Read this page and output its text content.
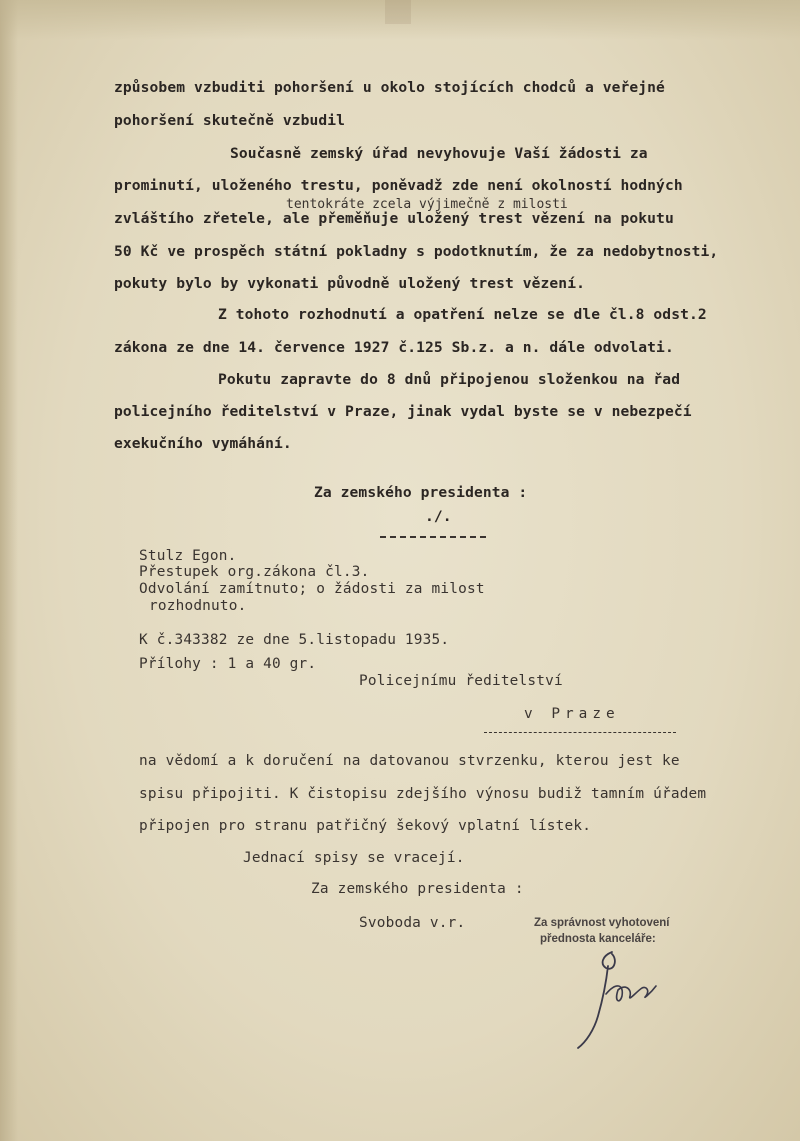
způsobem vzbuditi pohoršení u okolo stojících chodců a veřejné
pohoršení skutečně vzbudil
Současně zemský úřad nevyhovuje Vaší žádosti za
prominutí, uloženého trestu, poněvadž zde není okolností hodných
tentokráte zcela výjimečně z milosti
zvláštího zřetele, ale přeměňuje uložený trest vězení na pokutu
50 Kč ve prospěch státní pokladny s podotknutím, že za nedobytnosti,
pokuty bylo by vykonati původně uložený trest vězení.
Z tohoto rozhodnutí a opatření nelze se dle čl.8 odst.2
zákona ze dne 14. července 1927 č.125 Sb.z. a n. dále odvolati.
Pokutu zapravte do 8 dnů připojenou složenkou na řad
policejního ředitelství v Praze, jinak vydal byste se v nebezpečí
exekučního vymáhání.
Za zemského presidenta :
./.
Stulz Egon.
Přestupek org.zákona čl.3.
Odvolání zamítnuto; o žádosti za milost
rozhodnuto.
K č.343382 ze dne 5.listopadu 1935.
Přílohy : 1 a 40 gr.
Policejnímu ředitelství
v Praze
na vědomí a k doručení na datovanou stvrzenku, kterou jest ke
spisu připojiti. K čistopisu zdejšího výnosu budiž tamním úřadem
připojen pro stranu patřičný šekový vplatní lístek.
Jednací spisy se vracejí.
Za zemského presidenta :
Svoboda v.r.	Za správnost vyhotovení
přednosta kanceláře:
